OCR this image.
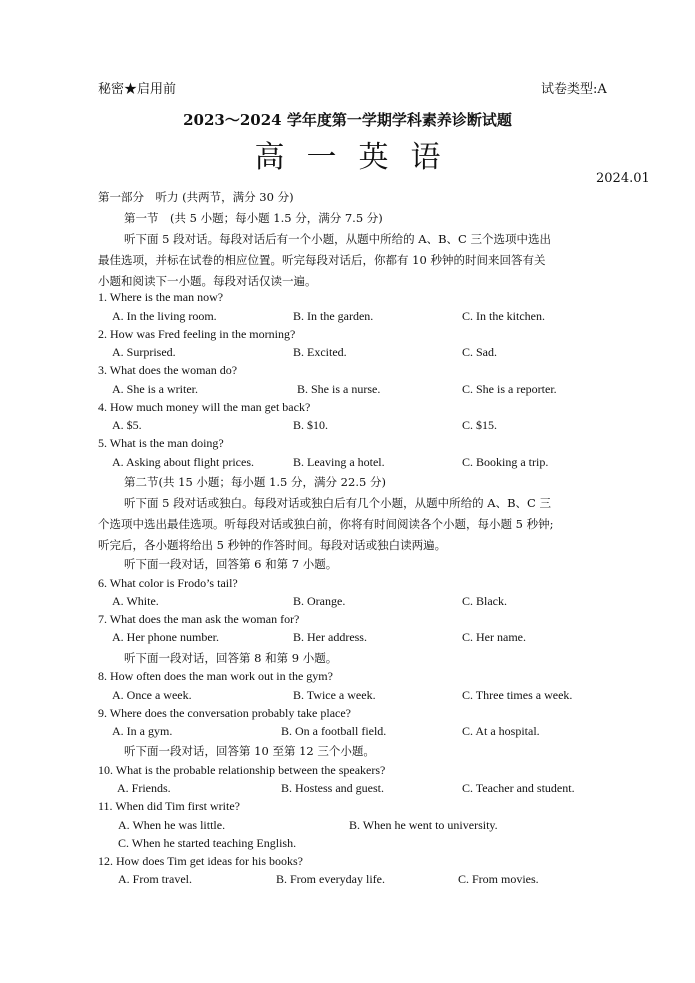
秘密★启用前	试卷类型:A
2023～2024 学年度第一学期学科素养诊断试题
高一英语
2024.01
第一部分　听力 (共两节，满分 30 分)
第一节　(共 5 小题；每小题 1.5 分，满分 7.5 分)
听下面 5 段对话。每段对话后有一个小题，从题中所给的 A、B、C 三个选项中选出
最佳选项，并标在试卷的相应位置。听完每段对话后，你都有 10 秒钟的时间来回答有关
小题和阅读下一小题。每段对话仅读一遍。
1. Where is the man now?
A. In the living room.	B. In the garden.	C. In the kitchen.
2. How was Fred feeling in the morning?
A. Surprised.	B. Excited.	C. Sad.
3. What does the woman do?
A. She is a writer.	B. She is a nurse.	C. She is a reporter.
4. How much money will the man get back?
A. $5.	B. $10.	C. $15.
5. What is the man doing?
A. Asking about flight prices.	B. Leaving a hotel.	C. Booking a trip.
第二节(共 15 小题；每小题 1.5 分，满分 22.5 分)
听下面 5 段对话或独白。每段对话或独白后有几个小题，从题中所给的 A、B、C 三
个选项中选出最佳选项。听每段对话或独白前，你将有时间阅读各个小题，每小题 5 秒钟;
听完后，各小题将给出 5 秒钟的作答时间。每段对话或独白读两遍。
听下面一段对话，回答第 6 和第 7 小题。
6. What color is Frodo’s tail?
A. White.	B. Orange.	C. Black.
7. What does the man ask the woman for?
A. Her phone number.	B. Her address.	C. Her name.
听下面一段对话，回答第 8 和第 9 小题。
8. How often does the man work out in the gym?
A. Once a week.	B. Twice a week.	C. Three times a week.
9. Where does the conversation probably take place?
A. In a gym.	B. On a football field.	C. At a hospital.
听下面一段对话，回答第 10 至第 12 三个小题。
10. What is the probable relationship between the speakers?
A. Friends.	B. Hostess and guest.	C. Teacher and student.
11. When did Tim first write?
A. When he was little.	B. When he went to university.
C. When he started teaching English.
12. How does Tim get ideas for his books?
A. From travel.	B. From everyday life.	C. From movies.
